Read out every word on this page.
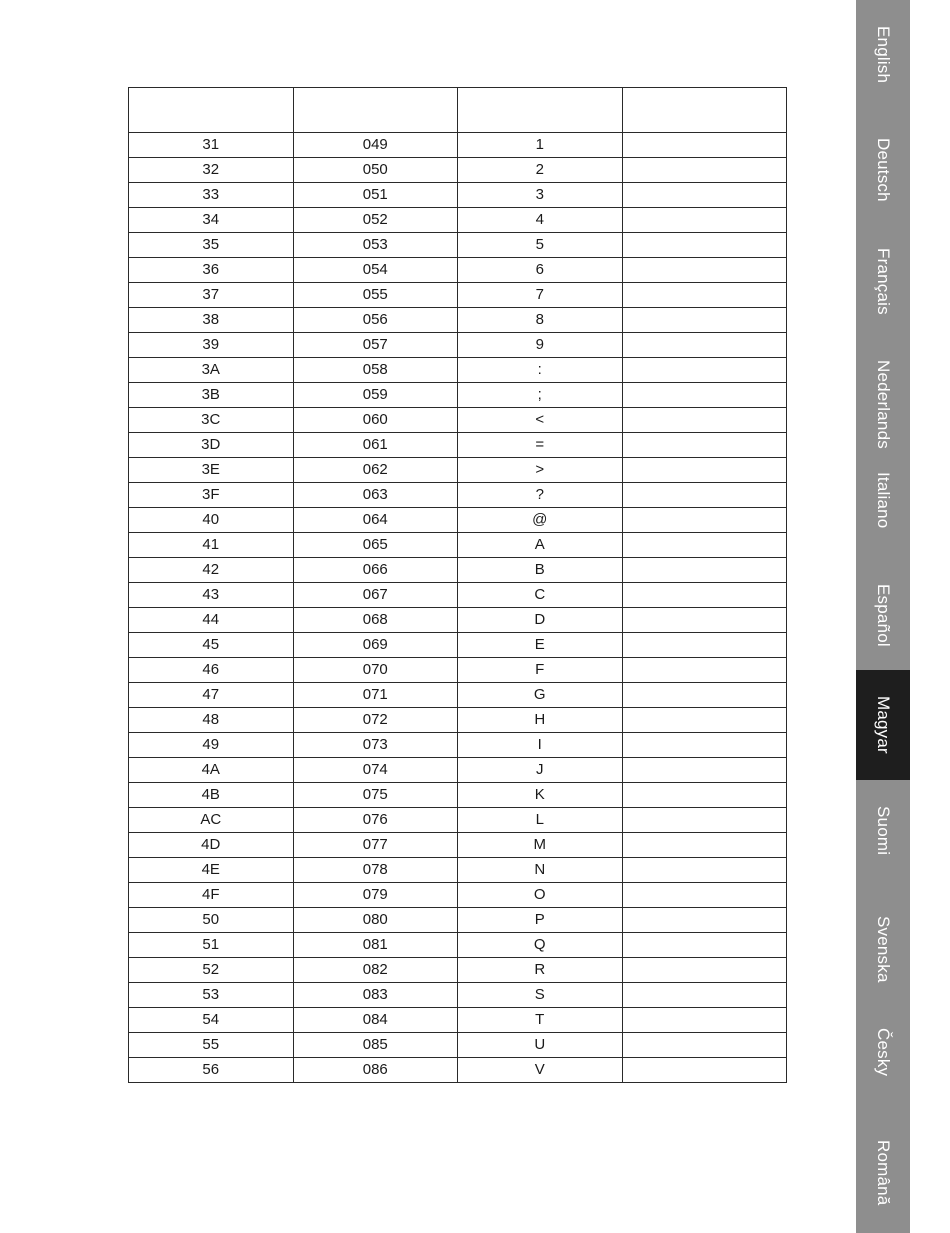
31	049	1	
32	050	2	
33	051	3	
34	052	4	
35	053	5	
36	054	6	
37	055	7	
38	056	8	
39	057	9	
3A	058	:	
3B	059	;	
3C	060	<	
3D	061	=	
3E	062	>	
3F	063	?	
40	064	@	
41	065	A	
42	066	B	
43	067	C	
44	068	D	
45	069	E	
46	070	F	
47	071	G	
48	072	H	
49	073	I	
4A	074	J	
4B	075	K	
AC	076	L	
4D	077	M	
4E	078	N	
4F	079	O	
50	080	P	
51	081	Q	
52	082	R	
53	083	S	
54	084	T	
55	085	U	
56	086	V	
English
Deutsch
Français
Nederlands
Italiano
Español
Magyar
Suomi
Svenska
Česky
Română
